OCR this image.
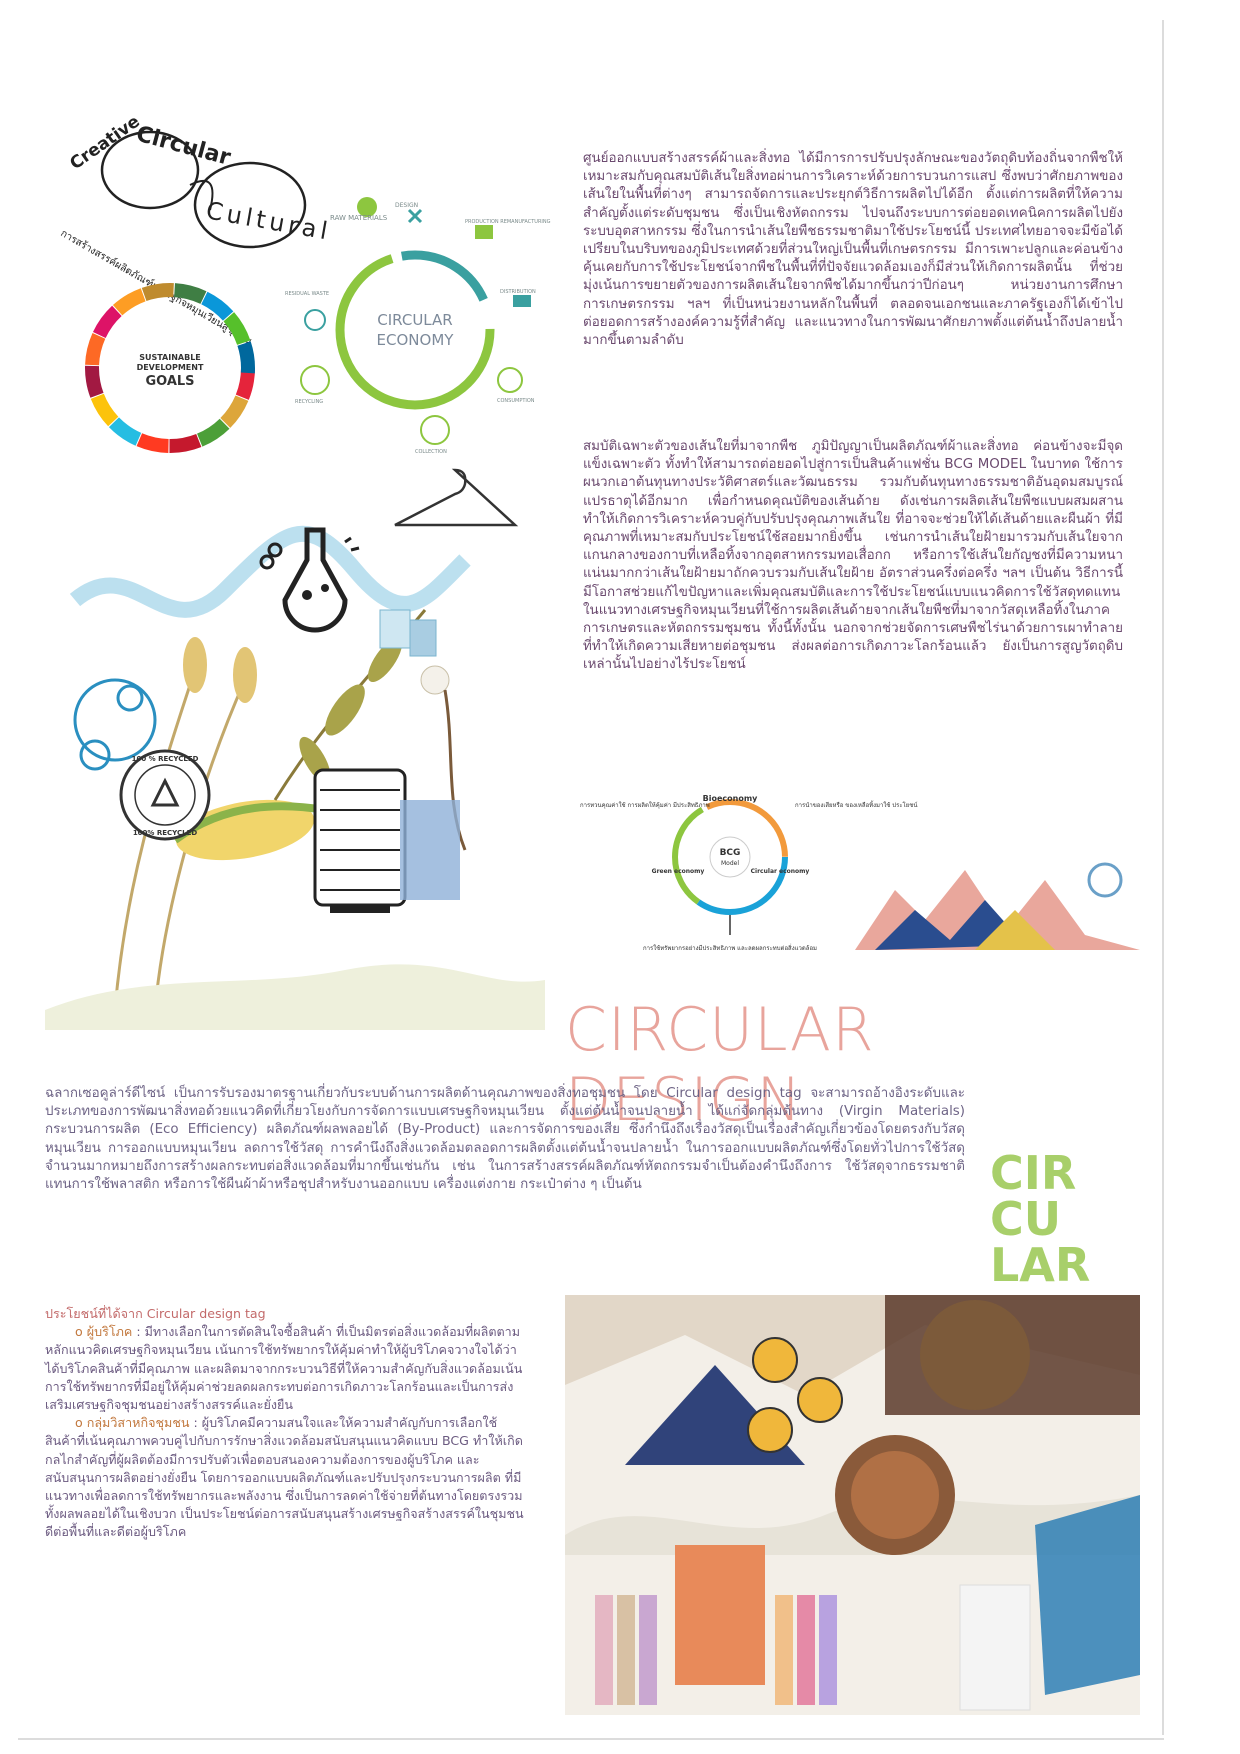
Creative
Circular
Cultural
การสร้างสรรค์ผลิตภัณฑ์เศรษฐกิจหมุนเวียนสู่ชุมชน
SUSTAINABLE
DEVELOPMENT
GOALS
CIRCULAR
ECONOMY
RAW MATERIALS
DESIGN
PRODUCTION REMANUFACTURING
DISTRIBUTION
CONSUMPTION
COLLECTION
RECYCLING
RESIDUAL WASTE
100 % RECYCLED
100% RECYCLED
ศูนย์ออกแบบสร้างสรรค์ผ้าและสิ่งทอ ได้มีการการปรับปรุงลักษณะของวัตถุดิบท้องถิ่นจากพืชให้เหมาะสมกับคุณสมบัติเส้นใยสิ่งทอผ่านการวิเคราะห์ด้วยการบวนการแสป ซึ่งพบว่าศักยภาพของเส้นใยในพื้นที่ต่างๆ สามารถจัดการและประยุกต์วิธีการผลิตไปได้อีก ตั้งแต่การผลิตที่ให้ความสำคัญตั้งแต่ระดับชุมชน ซึ่งเป็นเชิงหัตถกรรม ไปจนถึงระบบการต่อยอดเทคนิคการผลิตไปยังระบบอุตสาหกรรม ซึ่งในการนำเส้นใยพืชธรรมชาติมาใช้ประโยชน์นี้ ประเทศไทยอาจจะมีข้อได้เปรียบในบริบทของภูมิประเทศด้วยที่ส่วนใหญ่เป็นพื้นที่เกษตรกรรม มีการเพาะปลูกและค่อนข้างคุ้นเคยกับการใช้ประโยชน์จากพืชในพื้นที่ที่ปัจจัยแวดล้อมเองก็มีส่วนให้เกิดการผลิตนั้น ที่ช่วยมุ่งเน้นการขยายตัวของการผลิตเส้นใยจากพืชได้มากขึ้นกว่าปีก่อนๆ หน่วยงานการศึกษา การเกษตรกรรม ฯลฯ ที่เป็นหน่วยงานหลักในพื้นที่ ตลอดจนเอกชนและภาครัฐเองก็ได้เข้าไปต่อยอดการสร้างองค์ความรู้ที่สำคัญ และแนวทางในการพัฒนาศักยภาพตั้งแต่ต้นน้ำถึงปลายน้ำมากขึ้นตามลำดับ
สมบัติเฉพาะตัวของเส้นใยที่มาจากพืช ภูมิปัญญาเป็นผลิตภัณฑ์ผ้าและสิ่งทอ ค่อนข้างจะมีจุดแข็งเฉพาะตัว ทั้งทำให้สามารถต่อยอดไปสู่การเป็นสินค้าแฟชั่น BCG MODEL ในบาทด ใช้การผนวกเอาต้นทุนทางประวัติศาสตร์และวัฒนธรรม รวมกับต้นทุนทางธรรมชาติอันอุดมสมบูรณ์แปรธาตุได้อีกมาก เพื่อกำหนดคุณบัติของเส้นด้าย ดังเช่นการผลิตเส้นใยพืชแบบผสมผสาน ทำให้เกิดการวิเคราะห์ควบคู่กับปรับปรุงคุณภาพเส้นใย ที่อาจจะช่วยให้ได้เส้นด้ายและผืนผ้า ที่มีคุณภาพที่เหมาะสมกับประโยชน์ใช้สอยมากยิ่งขึ้น เช่นการนำเส้นใยฝ้ายมารวมกับเส้นใยจากแกนกลางของกาบที่เหลือทิ้งจากอุตสาหกรรมทอเสื่อกก หรือการใช้เส้นใยกัญชงที่มีความหนาแน่นมากกว่าเส้นใยฝ้ายมาถักควบรวมกับเส้นใยฝ้าย อัตราส่วนครึ่งต่อครึ่ง ฯลฯ เป็นต้น วิธีการนี้มีโอกาสช่วยแก้ไขปัญหาและเพิ่มคุณสมบัติและการใช้ประโยชน์แบบแนวคิดการใช้วัสดุทดแทน ในแนวทางเศรษฐกิจหมุนเวียนที่ใช้การผลิตเส้นด้ายจากเส้นใยพืชที่มาจากวัสดุเหลือทิ้งในภาคการเกษตรและหัตถกรรมชุมชน ทั้งนี้ทั้งนั้น นอกจากช่วยจัดการเศษพืชไร่นาด้วยการเผาทำลาย ที่ทำให้เกิดความเสียหายต่อชุมชน ส่งผลต่อการเกิดภาวะโลกร้อนแล้ว ยังเป็นการสูญวัตถุดิบเหล่านั้นไปอย่างไร้ประโยชน์
BCG
Model
Bioeconomy
Green economy	Circular economy
การทวนคุณค่าใช้ การผลิตให้คุ้มค่า มีประสิทธิภาพ	การนำของเสียหรือ ของเหลือทิ้งมาใช้ ประโยชน์
การใช้ทรัพยากรอย่างมีประสิทธิภาพ และลดผลกระทบต่อสิ่งแวดล้อม
CIRCULAR DESIGN
ฉลากเซอคูล่าร์ดีไซน์ เป็นการรับรองมาตรฐานเกี่ยวกับระบบด้านการผลิตด้านคุณภาพของสิ่งทอชุมชน โดย Circular design tag จะสามารถอ้างอิงระดับและประเภทของการพัฒนาสิ่งทอด้วยแนวคิดที่เกี่ยวโยงกับการจัดการแบบเศรษฐกิจหมุนเวียน ตั้งแต่ต้นน้ำจนปลายน้ำ ได้แก่จัดกลุ่มต้นทาง (Virgin Materials) กระบวนการผลิต (Eco Efficiency) ผลิตภัณฑ์ผลพลอยได้ (By-Product) และการจัดการของเสีย ซึ่งกำนึงถึงเรื่องวัสดุเป็นเรื่องสำคัญเกี่ยวข้องโดยตรงกับวัสดุหมุนเวียน การออกแบบหมุนเวียน ลดการใช้วัสดุ การคำนึงถึงสิ่งแวดล้อมตลอดการผลิตตั้งแต่ต้นน้ำจนปลายน้ำ ในการออกแบบผลิตภัณฑ์ซึ่งโดยทั่วไปการใช้วัสดุจำนวนมากหมายถึงการสร้างผลกระทบต่อสิ่งแวดล้อมที่มากขึ้นเช่นกัน เช่น ในการสร้างสรรค์ผลิตภัณฑ์หัตถกรรมจำเป็นต้องคำนึงถึงการ ใช้วัสดุจากธรรมชาติแทนการใช้พลาสติก หรือการใช้ผืนผ้าผ้าหรือชุปสำหรับงานออกแบบ เครื่องแต่งกาย กระเป๋าต่าง ๆ เป็นต้น	CIR
CU
LAR
ประโยชน์ที่ได้จาก Circular design tag
o ผู้บริโภค : มีทางเลือกในการตัดสินใจซื้อสินค้า ที่เป็นมิตรต่อสิ่งแวดล้อมที่ผลิตตามหลักแนวคิดเศรษฐกิจหมุนเวียน เน้นการใช้ทรัพยากรให้คุ้มค่าทำให้ผู้บริโภคจวางใจได้ว่า ได้บริโภคสินค้าที่มีคุณภาพ และผลิตมาจากกระบวนวิธีที่ให้ความสำคัญกับสิ่งแวดล้อมเน้นการใช้ทรัพยากรที่มีอยู่ให้คุ้มค่าช่วยลดผลกระทบต่อการเกิดภาวะโลกร้อนและเป็นการส่งเสริมเศรษฐกิจชุมชนอย่างสร้างสรรค์และยั่งยืน
o กลุ่มวิสาหกิจชุมชน : ผู้บริโภคมีความสนใจและให้ความสำคัญกับการเลือกใช้สินค้าที่เน้นคุณภาพควบคู่ไปกับการรักษาสิ่งแวดล้อมสนับสนุนแนวคิดแบบ BCG ทำให้เกิดกลไกสำคัญที่ผู้ผลิตต้องมีการปรับตัวเพื่อตอบสนองความต้องการของผู้บริโภค และสนับสนุนการผลิตอย่างยั่งยืน โดยการออกแบบผลิตภัณฑ์และปรับปรุงกระบวนการผลิต ที่มีแนวทางเพื่อลดการใช้ทรัพยากรและพลังงาน ซึ่งเป็นการลดค่าใช้จ่ายที่ต้นทางโดยตรงรวมทั้งผลพลอยได้ในเชิงบวก เป็นประโยชน์ต่อการสนับสนุนสร้างเศรษฐกิจสร้างสรรค์ในชุมชน ดีต่อพื้นที่และดีต่อผู้บริโภค
